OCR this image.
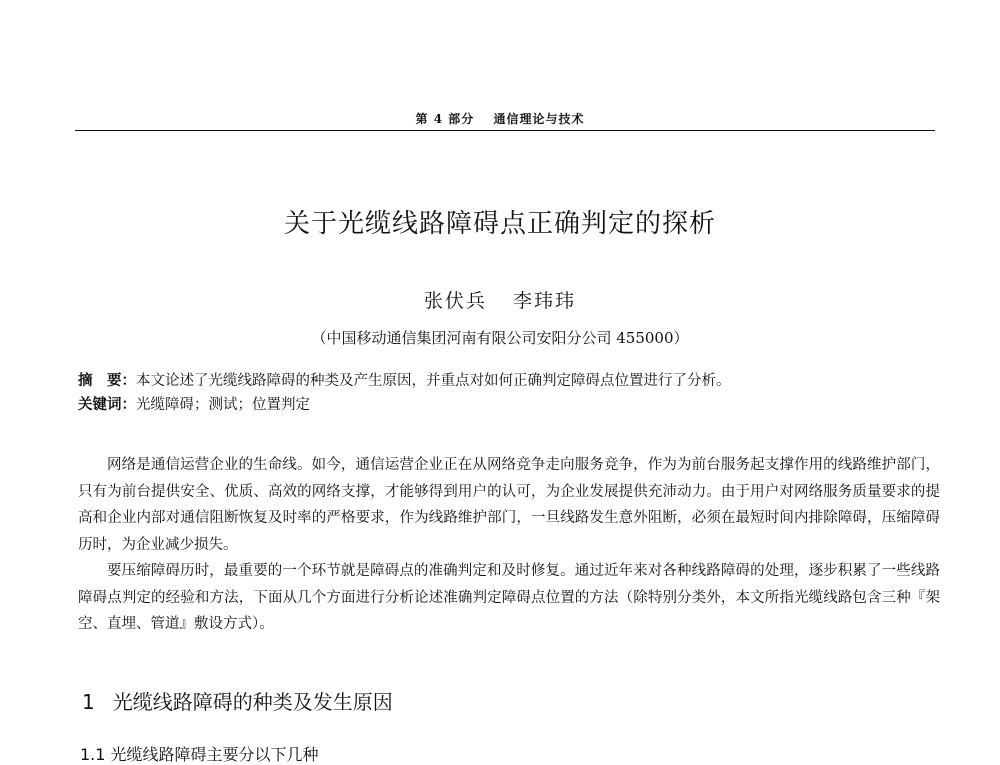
第 4 部分 通信理论与技术
关于光缆线路障碍点正确判定的探析
张伏兵 李玮玮
（中国移动通信集团河南有限公司安阳分公司 455000）
摘　要：本文论述了光缆线路障碍的种类及产生原因，并重点对如何正确判定障碍点位置进行了分析。
关键词：光缆障碍；测试；位置判定

网络是通信运营企业的生命线。如今，通信运营企业正在从网络竞争走向服务竞争，作为为前台服务起支撑作用的线路维护部门，只有为前台提供安全、优质、高效的网络支撑，才能够得到用户的认可，为企业发展提供充沛动力。由于用户对网络服务质量要求的提高和企业内部对通信阻断恢复及时率的严格要求，作为线路维护部门，一旦线路发生意外阻断，必须在最短时间内排除障碍，压缩障碍历时，为企业减少损失。

要压缩障碍历时，最重要的一个环节就是障碍点的准确判定和及时修复。通过近年来对各种线路障碍的处理，逐步积累了一些线路障碍点判定的经验和方法，下面从几个方面进行分析论述准确判定障碍点位置的方法（除特别分类外，本文所指光缆线路包含三种『架空、直埋、管道』敷设方式）。

1 光缆线路障碍的种类及发生原因
1.1 光缆线路障碍主要分以下几种
